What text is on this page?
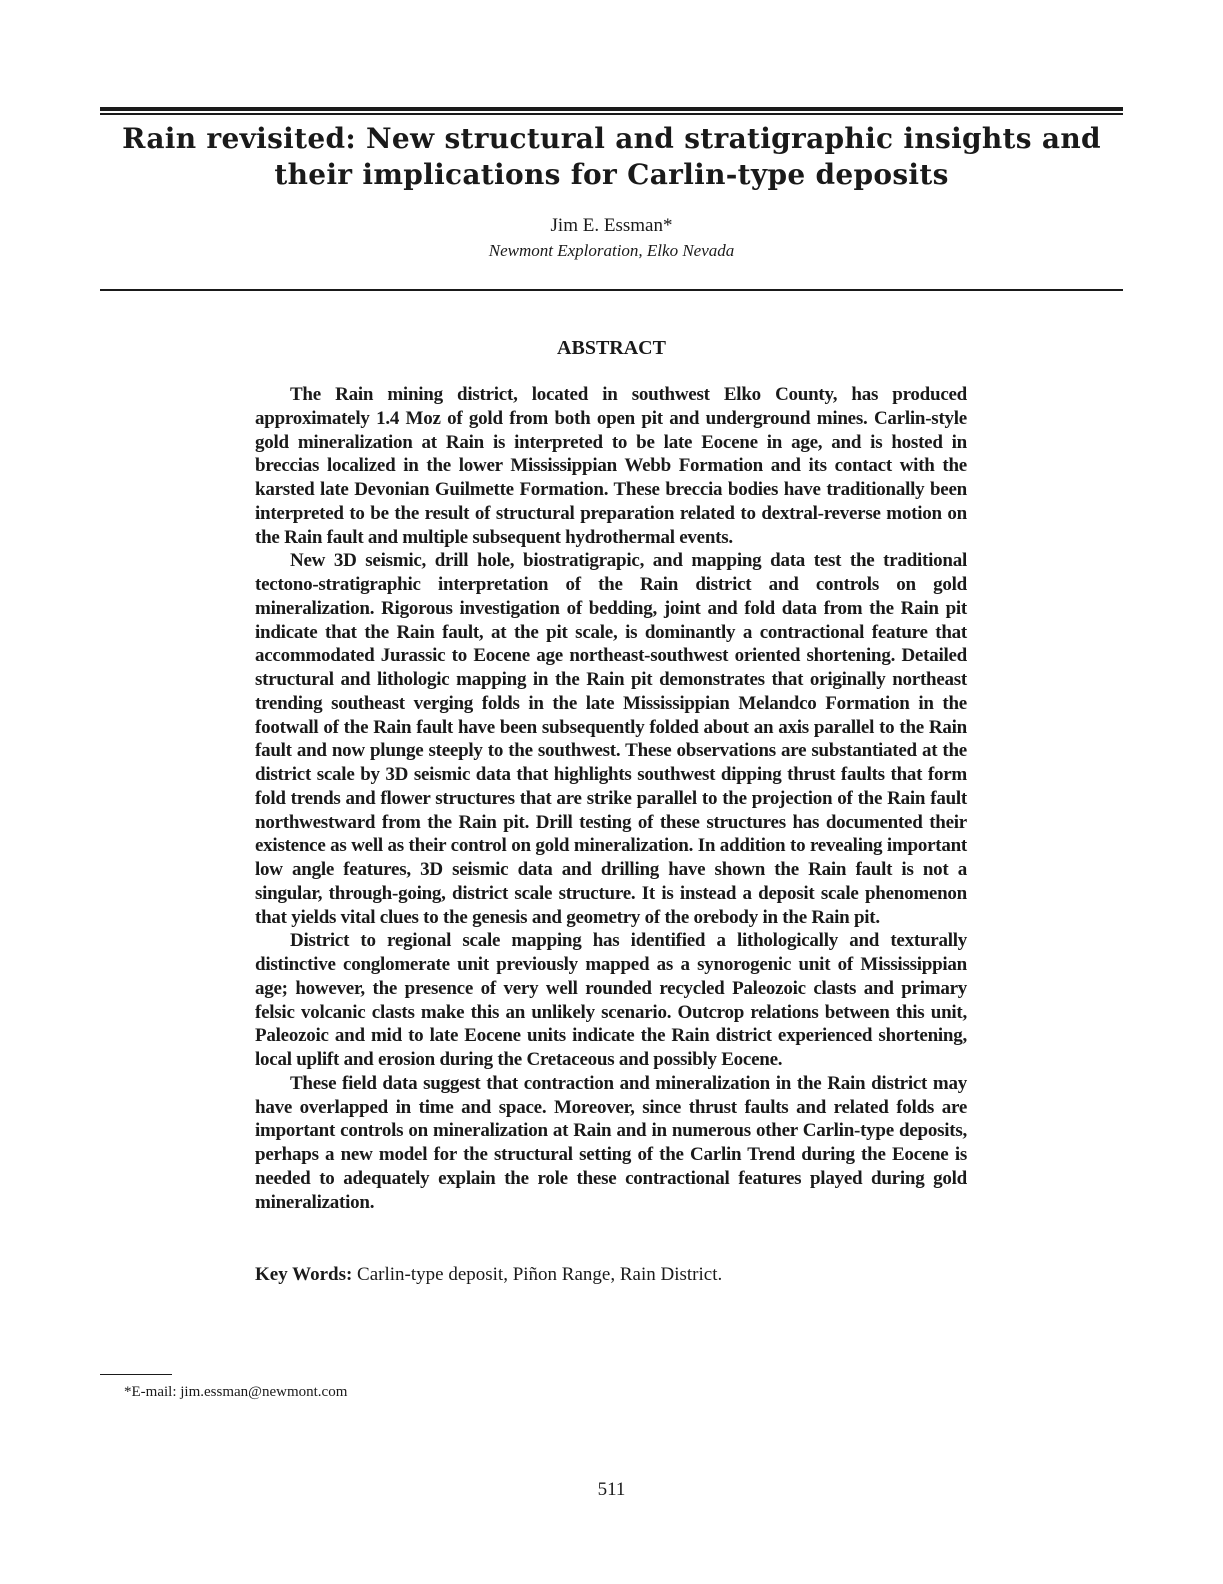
Rain revisited: New structural and stratigraphic insights and
their implications for Carlin-type deposits
Jim E. Essman*
Newmont Exploration, Elko Nevada
ABSTRACT

The Rain mining district, located in southwest Elko County, has produced approximately 1.4 Moz of gold from both open pit and underground mines. Carlin-style gold mineralization at Rain is interpreted to be late Eocene in age, and is hosted in breccias localized in the lower Mississippian Webb Formation and its contact with the karsted late Devonian Guilmette Formation. These breccia bodies have traditionally been interpreted to be the result of structural preparation related to dextral-reverse motion on the Rain fault and multiple subsequent hydrothermal events.

New 3D seismic, drill hole, biostratigrapic, and mapping data test the traditional tectono-stratigraphic interpretation of the Rain district and controls on gold mineralization. Rigorous investigation of bedding, joint and fold data from the Rain pit indicate that the Rain fault, at the pit scale, is dominantly a contractional feature that accommodated Jurassic to Eocene age northeast-southwest oriented shortening. Detailed structural and lithologic mapping in the Rain pit demonstrates that originally northeast trending southeast verging folds in the late Mississippian Melandco Formation in the footwall of the Rain fault have been subsequently folded about an axis parallel to the Rain fault and now plunge steeply to the southwest. These observations are substantiated at the district scale by 3D seismic data that highlights southwest dipping thrust faults that form fold trends and flower structures that are strike parallel to the projection of the Rain fault northwestward from the Rain pit. Drill testing of these structures has documented their existence as well as their control on gold mineralization. In addition to revealing important low angle features, 3D seismic data and drilling have shown the Rain fault is not a singular, through-going, district scale structure. It is instead a deposit scale phenomenon that yields vital clues to the genesis and geometry of the orebody in the Rain pit.

District to regional scale mapping has identified a lithologically and texturally distinctive conglomerate unit previously mapped as a synorogenic unit of Mississippian age; however, the presence of very well rounded recycled Paleozoic clasts and primary felsic volcanic clasts make this an unlikely scenario. Outcrop relations between this unit, Paleozoic and mid to late Eocene units indicate the Rain district experienced shortening, local uplift and erosion during the Cretaceous and possibly Eocene.

These field data suggest that contraction and mineralization in the Rain district may have overlapped in time and space. Moreover, since thrust faults and related folds are important controls on mineralization at Rain and in numerous other Carlin-type deposits, perhaps a new model for the structural setting of the Carlin Trend during the Eocene is needed to adequately explain the role these contractional features played during gold mineralization.

Key Words: Carlin-type deposit, Piñon Range, Rain District.
*E-mail: jim.essman@newmont.com
511
